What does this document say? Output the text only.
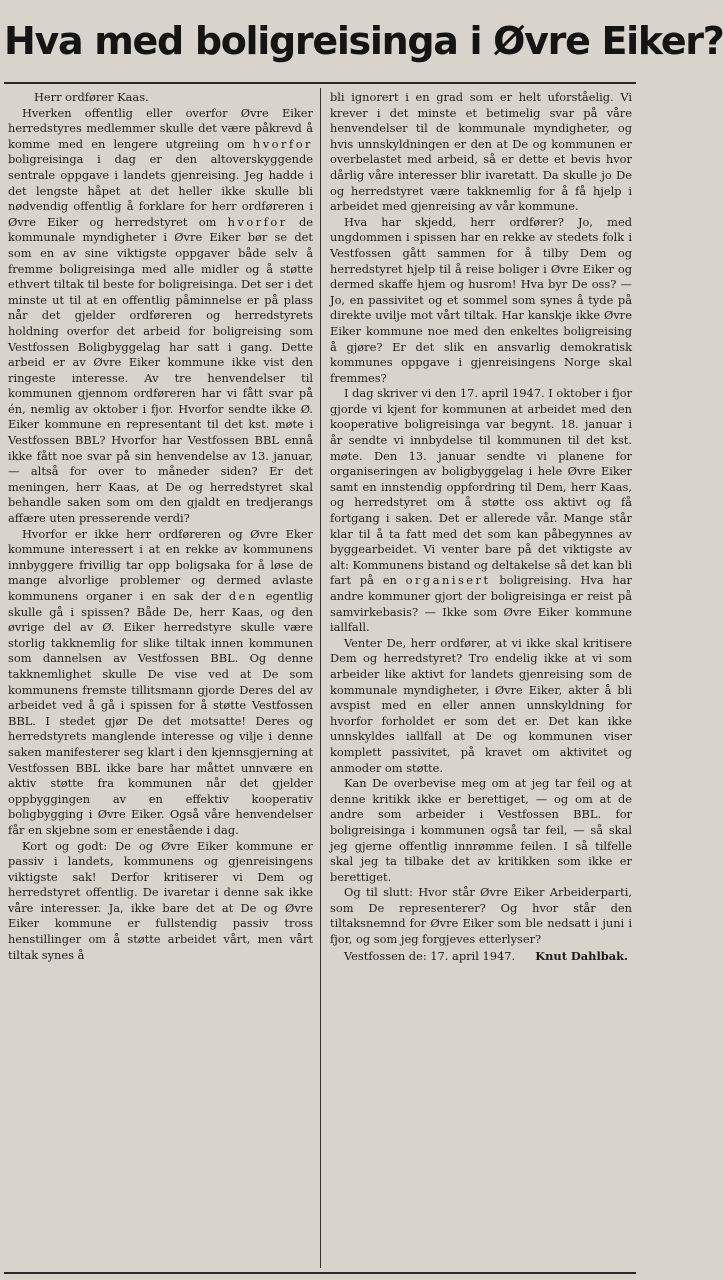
Hva med boligreisinga i Øvre Eiker?

Herr ordfører Kaas.

Hverken offentlig eller overfor Øvre Eiker herredstyres medlemmer skulle det være påkrevd å komme med en lengere utgreiing om hvorfor boligreisinga i dag er den altoverskyggende sentrale oppgave i landets gjenreising. Jeg hadde i det lengste håpet at det heller ikke skulle bli nødvendig offentlig å forklare for herr ordføreren i Øvre Eiker og herredstyret om hvorfor de kommunale myndigheter i Øvre Eiker bør se det som en av sine viktigste oppgaver både selv å fremme boligreisinga med alle midler og å støtte ethvert tiltak til beste for boligreisinga. Det ser i det minste ut til at en offentlig påminnelse er på plass når det gjelder ordføreren og herredstyrets holdning overfor det arbeid for boligreising som Vestfossen Boligbyggelag har satt i gang. Dette arbeid er av Øvre Eiker kommune ikke vist den ringeste interesse. Av tre henvendelser til kommunen gjennom ordføreren har vi fått svar på én, nemlig av oktober i fjor. Hvorfor sendte ikke Ø. Eiker kommune en representant til det kst. møte i Vestfossen BBL? Hvorfor har Vestfossen BBL ennå ikke fått noe svar på sin henvendelse av 13. januar, — altså for over to måneder siden? Er det meningen, herr Kaas, at De og herredstyret skal behandle saken som om den gjaldt en tredjerangs affære uten presserende verdi?

Hvorfor er ikke herr ordføreren og Øvre Eker kommune interessert i at en rekke av kommunens innbyggere frivillig tar opp boligsaka for å løse de mange alvorlige problemer og dermed avlaste kommunens organer i en sak der den egentlig skulle gå i spissen? Både De, herr Kaas, og den øvrige del av Ø. Eiker herredstyre skulle være storlig takknemlig for slike tiltak innen kommunen som dannelsen av Vestfossen BBL. Og denne takknemlighet skulle De vise ved at De som kommunens fremste tillitsmann gjorde Deres del av arbeidet ved å gå i spissen for å støtte Vestfossen BBL. I stedet gjør De det motsatte! Deres og herredstyrets manglende interesse og vilje i denne saken manifesterer seg klart i den kjennsgjerning at Vestfossen BBL ikke bare har måttet unnvære en aktiv støtte fra kommunen når det gjelder oppbyggingen av en effektiv kooperativ boligbygging i Øvre Eiker. Også våre henvendelser får en skjebne som er enestående i dag.

Kort og godt: De og Øvre Eiker kommune er passiv i landets, kommunens og gjenreisingens viktigste sak! Derfor kritiserer vi Dem og herredstyret offentlig. De ivaretar i denne sak ikke våre interesser. Ja, ikke bare det at De og Øvre Eiker kommune er fullstendig passiv tross henstillinger om å støtte arbeidet vårt, men vårt tiltak synes å

bli ignorert i en grad som er helt uforståelig. Vi krever i det minste et betimelig svar på våre henvendelser til de kommunale myndigheter, og hvis unnskyldningen er den at De og kommunen er overbelastet med arbeid, så er dette et bevis hvor dårlig våre interesser blir ivaretatt. Da skulle jo De og herredstyret være takknemlig for å få hjelp i arbeidet med gjenreising av vår kommune.

Hva har skjedd, herr ordfører? Jo, med ungdommen i spissen har en rekke av stedets folk i Vestfossen gått sammen for å tilby Dem og herredstyret hjelp til å reise boliger i Øvre Eiker og dermed skaffe hjem og husrom! Hva byr De oss? — Jo, en passivitet og et sommel som synes å tyde på direkte uvilje mot vårt tiltak. Har kanskje ikke Øvre Eiker kommune noe med den enkeltes boligreising å gjøre? Er det slik en ansvarlig demokratisk kommunes oppgave i gjenreisingens Norge skal fremmes?

I dag skriver vi den 17. april 1947. I oktober i fjor gjorde vi kjent for kommunen at arbeidet med den kooperative boligreisinga var begynt. 18. januar i år sendte vi innbydelse til kommunen til det kst. møte. Den 13. januar sendte vi planene for organiseringen av boligbyggelag i hele Øvre Eiker samt en innstendig oppfordring til Dem, herr Kaas, og herredstyret om å støtte oss aktivt og få fortgang i saken. Det er allerede vår. Mange står klar til å ta fatt med det som kan påbegynnes av byggearbeidet. Vi venter bare på det viktigste av alt: Kommunens bistand og deltakelse så det kan bli fart på en organisert boligreising. Hva har andre kommuner gjort der boligreisinga er reist på samvirkebasis? — Ikke som Øvre Eiker kommune iallfall.

Venter De, herr ordfører, at vi ikke skal kritisere Dem og herredstyret? Tro endelig ikke at vi som arbeider like aktivt for landets gjenreising som de kommunale myndigheter, i Øvre Eiker, akter å bli avspist med en eller annen unnskyldning for hvorfor forholdet er som det er. Det kan ikke unnskyldes iallfall at De og kommunen viser komplett passivitet, på kravet om aktivitet og anmoder om støtte.

Kan De overbevise meg om at jeg tar feil og at denne kritikk ikke er berettiget, — og om at de andre som arbeider i Vestfossen BBL. for boligreisinga i kommunen også tar feil, — så skal jeg gjerne offentlig innrømme feilen. I så tilfelle skal jeg ta tilbake det av kritikken som ikke er berettiget.

Og til slutt: Hvor står Øvre Eiker Arbeiderparti, som De representerer? Og hvor står den tiltaksnemnd for Øvre Eiker som ble nedsatt i juni i fjor, og som jeg forgjeves etterlyser?

Vestfossen de: 17. april 1947. Knut Dahlbak.
